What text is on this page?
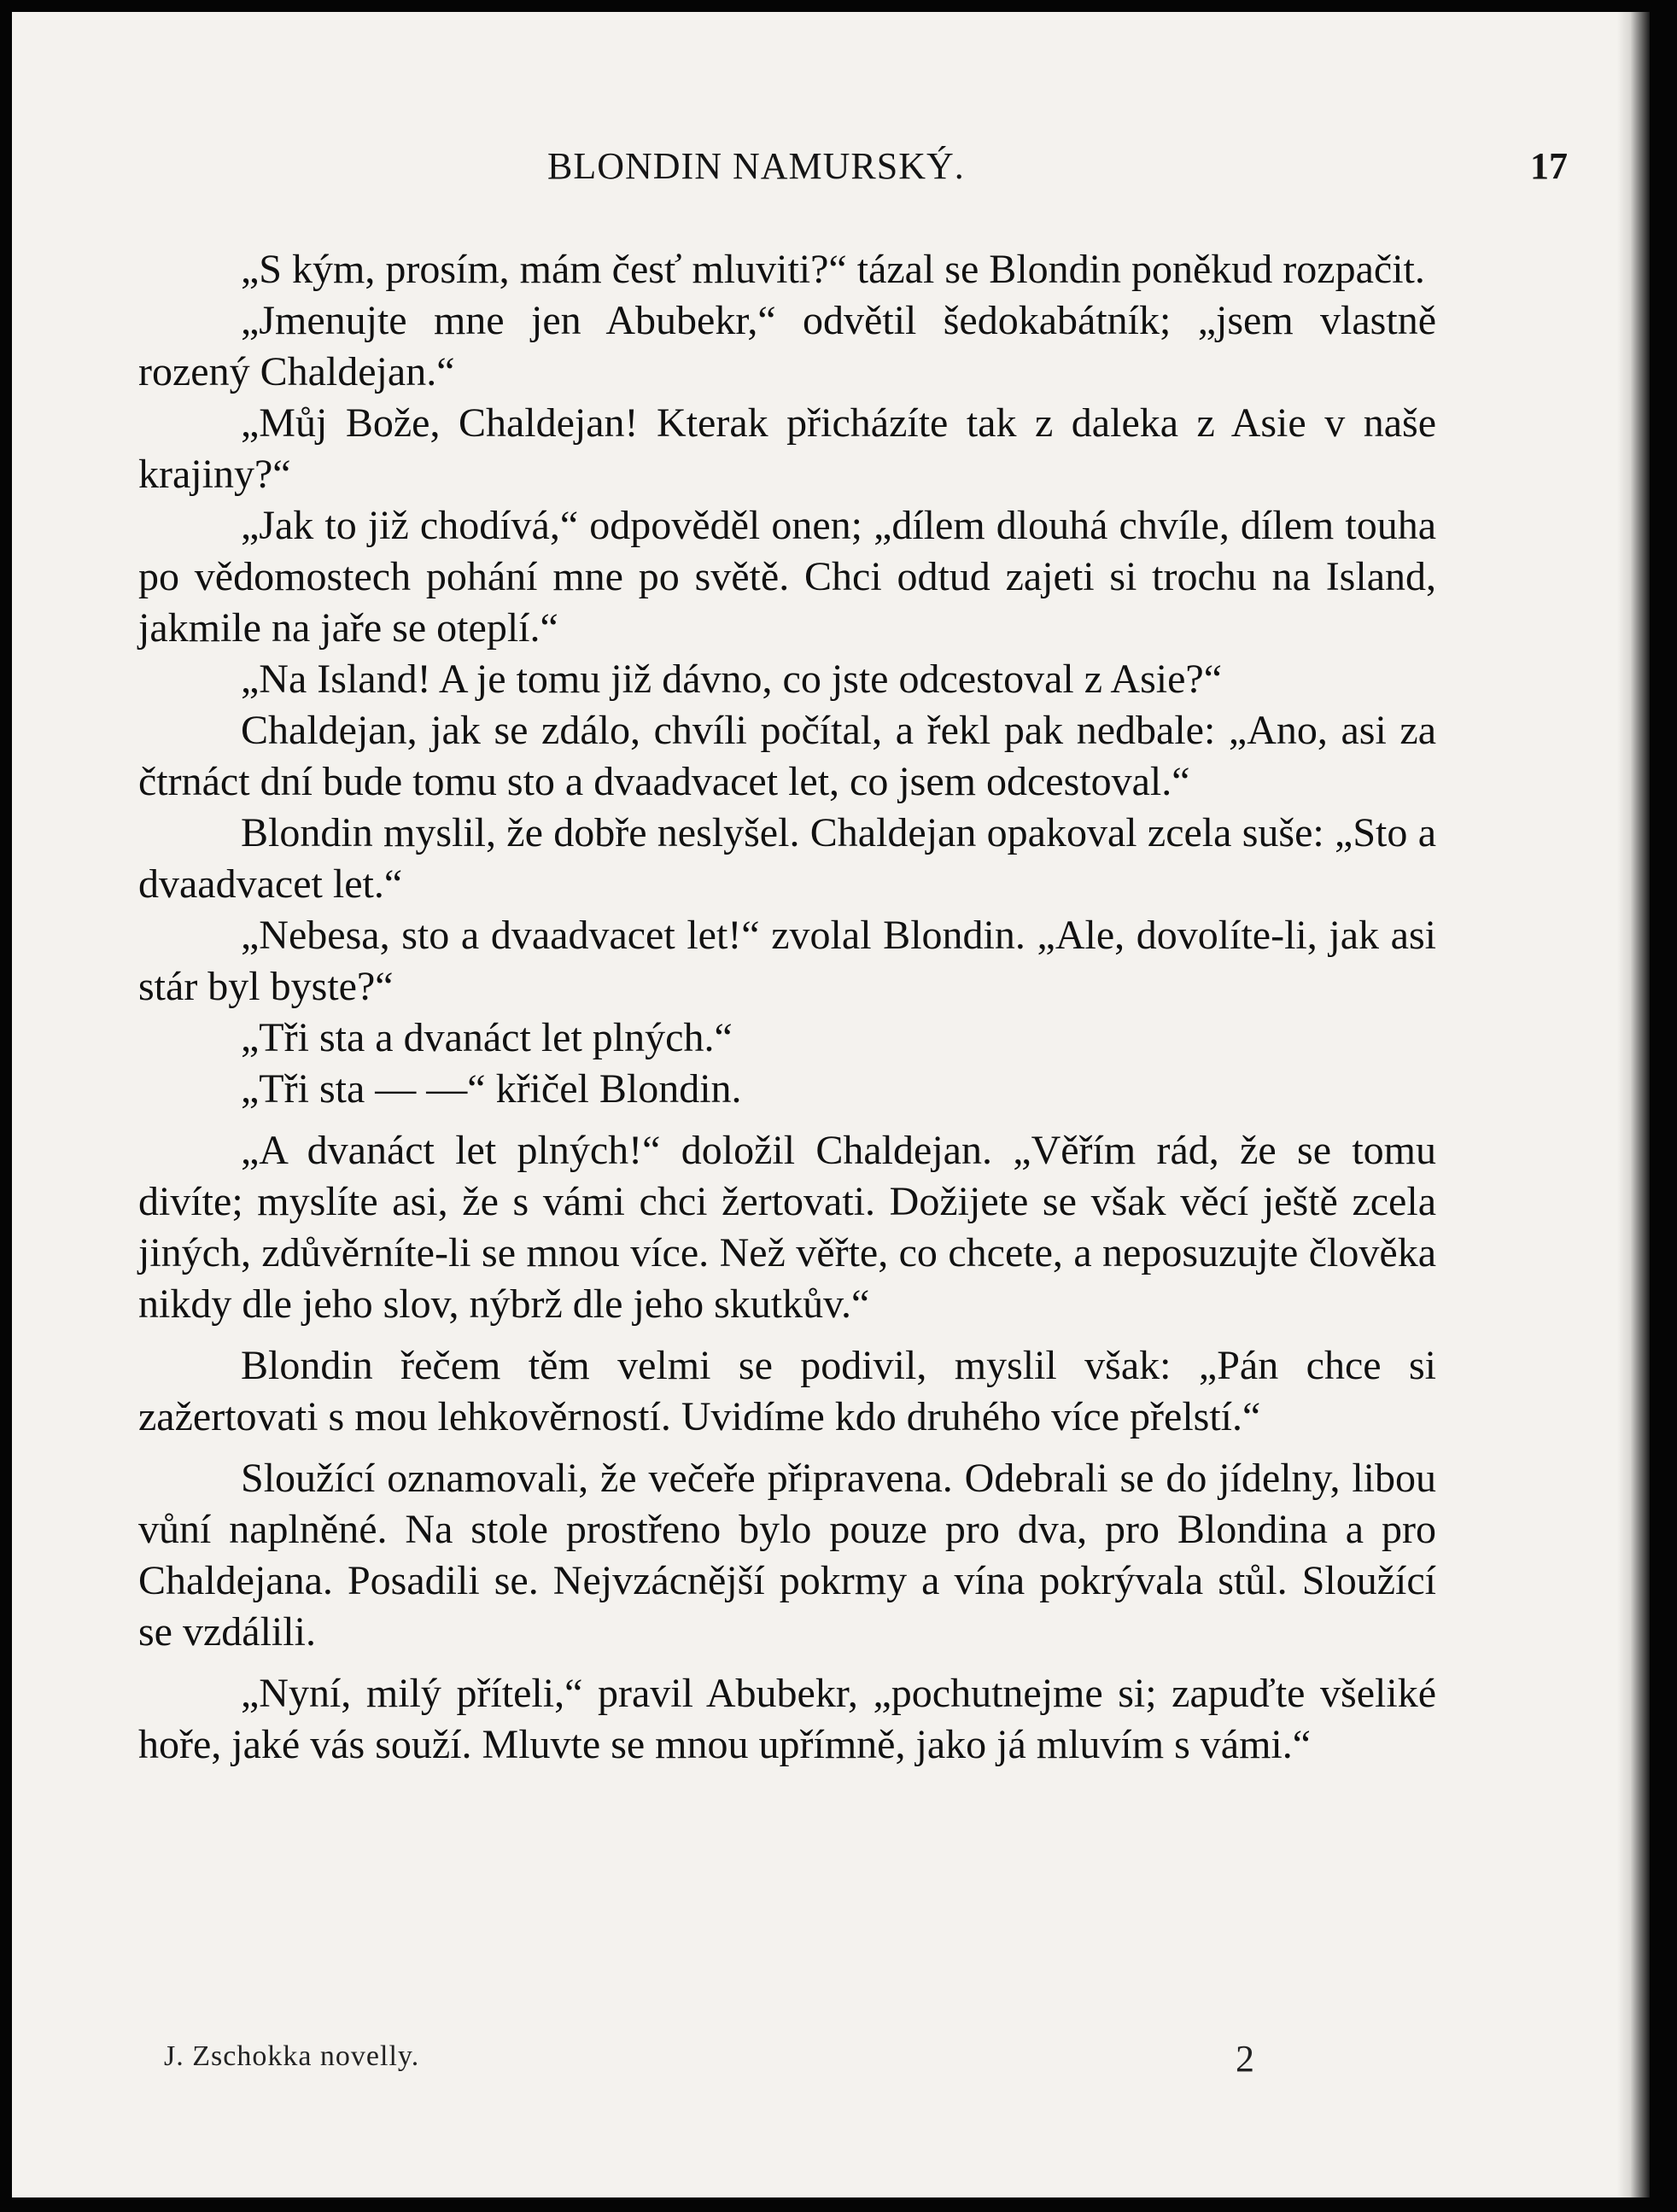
BLONDIN NAMURSKÝ.	17

„S kým, prosím, mám česť mluviti?“ tázal se Blondin poněkud rozpačit.

„Jmenujte mne jen Abubekr,“ odvětil šedokabátník; „jsem vlastně rozený Chaldejan.“

„Můj Bože, Chaldejan! Kterak přicházíte tak z daleka z Asie v naše krajiny?“

„Jak to již chodívá,“ odpověděl onen; „dílem dlouhá chvíle, dílem touha po vědomostech pohání mne po světě. Chci odtud zajeti si trochu na Island, jakmile na jaře se oteplí.“

„Na Island! A je tomu již dávno, co jste odcestoval z Asie?“

Chaldejan, jak se zdálo, chvíli počítal, a řekl pak nedbale: „Ano, asi za čtrnáct dní bude tomu sto a dvaadvacet let, co jsem odcestoval.“

Blondin myslil, že dobře neslyšel. Chaldejan opakoval zcela suše: „Sto a dvaadvacet let.“

„Nebesa, sto a dvaadvacet let!“ zvolal Blondin. „Ale, dovolíte-li, jak asi stár byl byste?“

„Tři sta a dvanáct let plných.“

„Tři sta — —“ křičel Blondin.

„A dvanáct let plných!“ doložil Chaldejan. „Věřím rád, že se tomu divíte; myslíte asi, že s vámi chci žertovati. Dožijete se však věcí ještě zcela jiných, zdůvěrníte-li se mnou více. Než věřte, co chcete, a neposuzujte člověka nikdy dle jeho slov, nýbrž dle jeho skutkův.“

Blondin řečem těm velmi se podivil, myslil však: „Pán chce si zažertovati s mou lehkověrností. Uvidíme kdo druhého více přelstí.“

Sloužící oznamovali, že večeře připravena. Odebrali se do jídelny, libou vůní naplněné. Na stole prostřeno bylo pouze pro dva, pro Blondina a pro Chaldejana. Posadili se. Nejvzácnější pokrmy a vína pokrývala stůl. Sloužící se vzdálili.

„Nyní, milý příteli,“ pravil Abubekr, „pochutnejme si; zapuďte všeliké hoře, jaké vás souží. Mluvte se mnou upřímně, jako já mluvím s vámi.“

J. Zschokka novelly.	2
